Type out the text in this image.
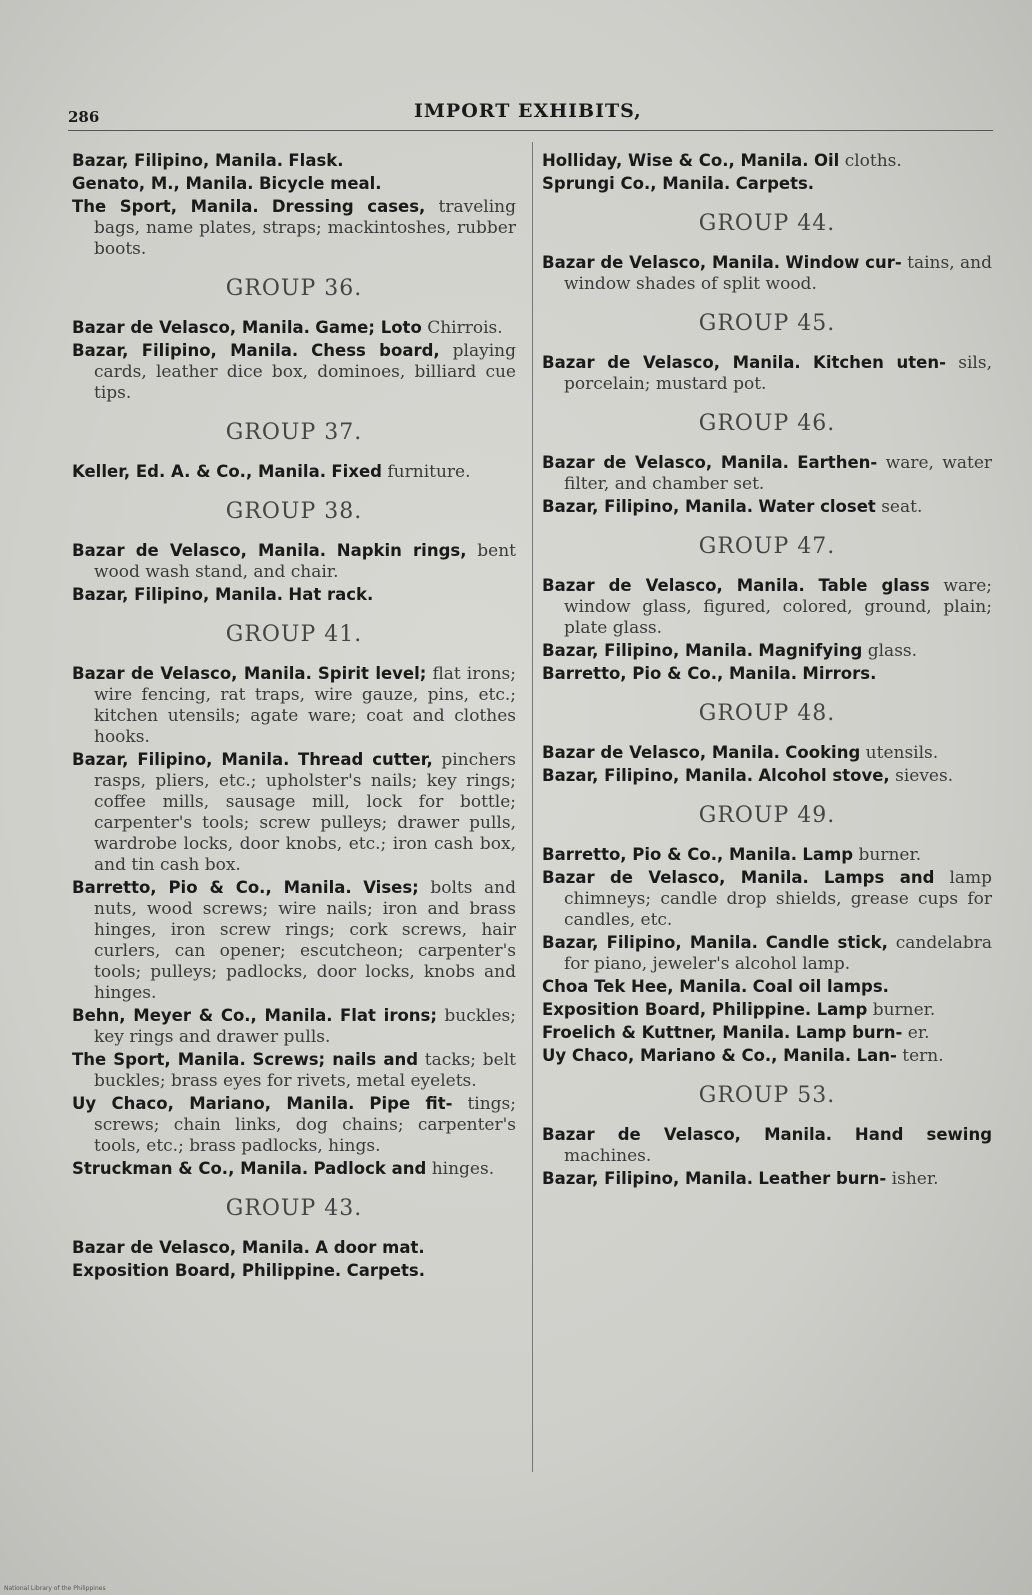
286	IMPORT EXHIBITS,

Bazar, Filipino, Manila. Flask.

Genato, M., Manila. Bicycle meal.

The Sport, Manila. Dressing cases, traveling bags, name plates, straps; mackintoshes, rubber boots.

GROUP 36.

Bazar de Velasco, Manila. Game; Loto Chirrois.

Bazar, Filipino, Manila. Chess board, playing cards, leather dice box, dominoes, billiard cue tips.

GROUP 37.

Keller, Ed. A. & Co., Manila. Fixed furniture.

GROUP 38.

Bazar de Velasco, Manila. Napkin rings, bent wood wash stand, and chair.

Bazar, Filipino, Manila. Hat rack.

GROUP 41.

Bazar de Velasco, Manila. Spirit level; flat irons; wire fencing, rat traps, wire gauze, pins, etc.; kitchen utensils; agate ware; coat and clothes hooks.

Bazar, Filipino, Manila. Thread cutter, pinchers rasps, pliers, etc.; upholster's nails; key rings; coffee mills, sausage mill, lock for bottle; carpenter's tools; screw pulleys; drawer pulls, wardrobe locks, door knobs, etc.; iron cash box, and tin cash box.

Barretto, Pio & Co., Manila. Vises; bolts and nuts, wood screws; wire nails; iron and brass hinges, iron screw rings; cork screws, hair curlers, can opener; escutcheon; carpenter's tools; pulleys; padlocks, door locks, knobs and hinges.

Behn, Meyer & Co., Manila. Flat irons; buckles; key rings and drawer pulls.

The Sport, Manila. Screws; nails and tacks; belt buckles; brass eyes for rivets, metal eyelets.

Uy Chaco, Mariano, Manila. Pipe fit- tings; screws; chain links, dog chains; carpenter's tools, etc.; brass padlocks, hings.

Struckman & Co., Manila. Padlock and hinges.

GROUP 43.

Bazar de Velasco, Manila. A door mat.

Exposition Board, Philippine. Carpets.

Holliday, Wise & Co., Manila. Oil cloths.

Sprungi Co., Manila. Carpets.

GROUP 44.

Bazar de Velasco, Manila. Window cur- tains, and window shades of split wood.

GROUP 45.

Bazar de Velasco, Manila. Kitchen uten- sils, porcelain; mustard pot.

GROUP 46.

Bazar de Velasco, Manila. Earthen- ware, water filter, and chamber set.

Bazar, Filipino, Manila. Water closet seat.

GROUP 47.

Bazar de Velasco, Manila. Table glass ware; window glass, figured, colored, ground, plain; plate glass.

Bazar, Filipino, Manila. Magnifying glass.

Barretto, Pio & Co., Manila. Mirrors.

GROUP 48.

Bazar de Velasco, Manila. Cooking utensils.

Bazar, Filipino, Manila. Alcohol stove, sieves.

GROUP 49.

Barretto, Pio & Co., Manila. Lamp burner.

Bazar de Velasco, Manila. Lamps and lamp chimneys; candle drop shields, grease cups for candles, etc.

Bazar, Filipino, Manila. Candle stick, candelabra for piano, jeweler's alcohol lamp.

Choa Tek Hee, Manila. Coal oil lamps.

Exposition Board, Philippine. Lamp burner.

Froelich & Kuttner, Manila. Lamp burn- er.

Uy Chaco, Mariano & Co., Manila. Lan- tern.

GROUP 53.

Bazar de Velasco, Manila. Hand sewing machines.

Bazar, Filipino, Manila. Leather burn- isher.

National Library of the Philippines
